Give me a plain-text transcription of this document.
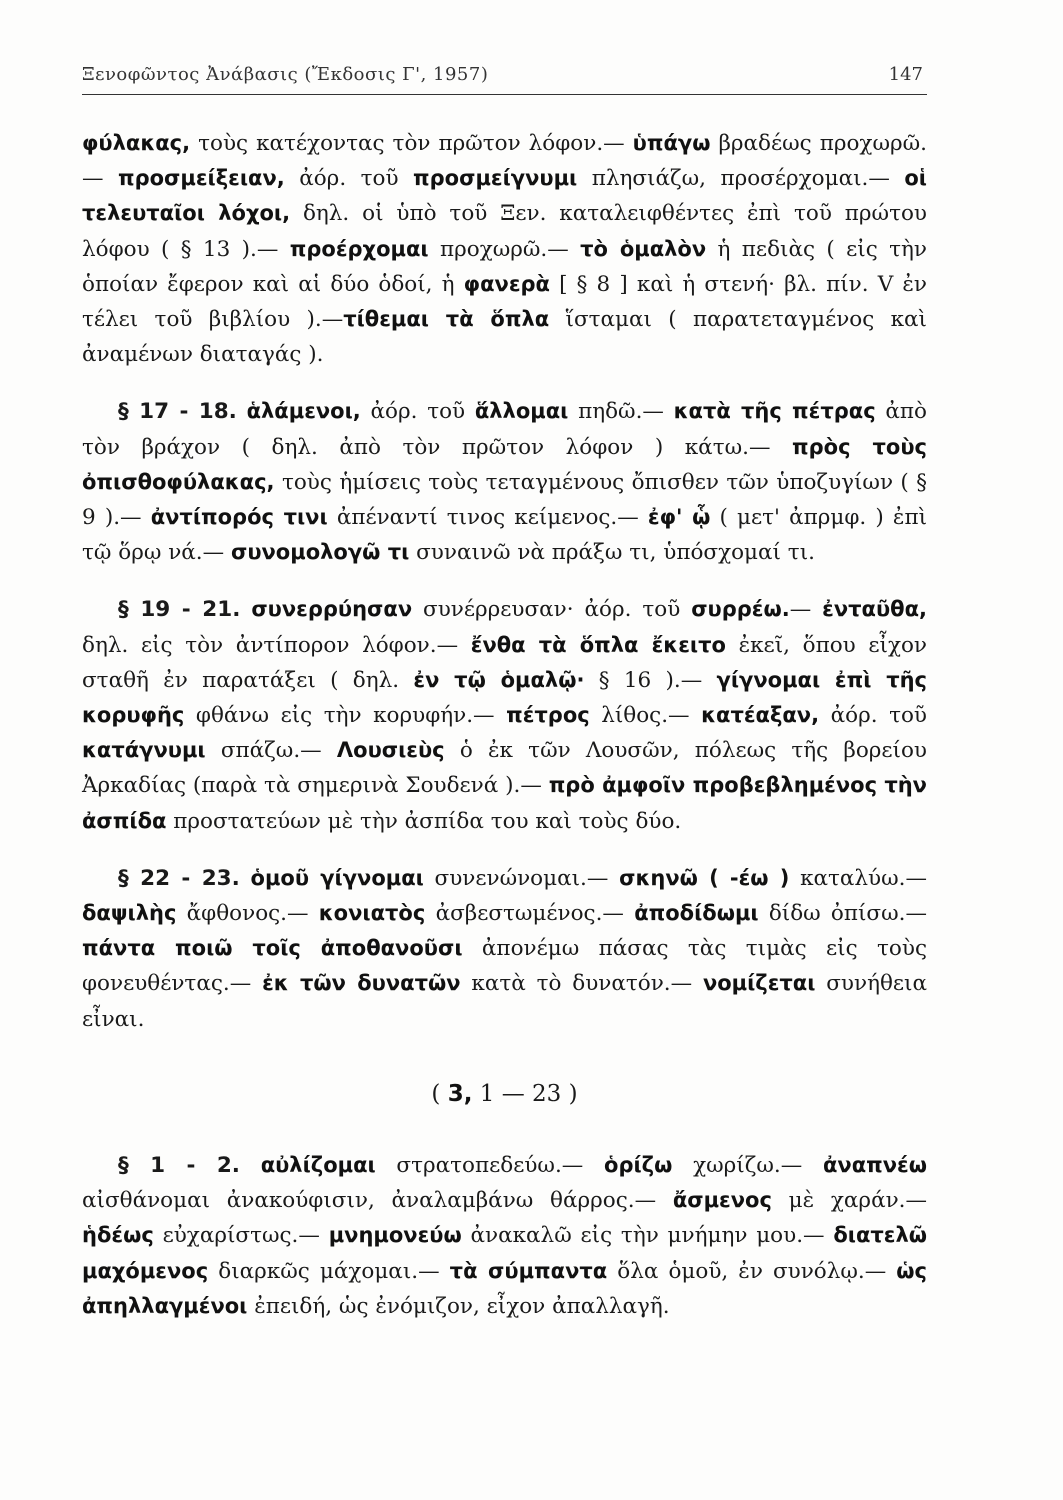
Ξενοφῶντος Ἀνάβασις (Ἔκδοσις Γ', 1957)	147

φύλακας, τοὺς κατέχοντας τὸν πρῶτον λόφον.— ὑπάγω βραδέως προχωρῶ.— προσμείξειαν, ἀόρ. τοῦ προσμείγνυμι πλησιάζω, προσέρχομαι.— οἱ τελευταῖοι λόχοι, δηλ. οἱ ὑπὸ τοῦ Ξεν. καταλειφθέντες ἐπὶ τοῦ πρώτου λόφου ( § 13 ).— προέρχομαι προχωρῶ.— τὸ ὁμαλὸν ἡ πεδιὰς ( εἰς τὴν ὁποίαν ἔφερον καὶ αἱ δύο ὁδοί, ἡ φανερὰ [ § 8 ] καὶ ἡ στενή· βλ. πίν. V ἐν τέλει τοῦ βιβλίου ).—τίθεμαι τὰ ὅπλα ἵσταμαι ( παρατεταγμένος καὶ ἀναμένων διαταγάς ).

§ 17 - 18. ἁλάμενοι, ἀόρ. τοῦ ἅλλομαι πηδῶ.— κατὰ τῆς πέτρας ἀπὸ τὸν βράχον ( δηλ. ἀπὸ τὸν πρῶτον λόφον ) κάτω.— πρὸς τοὺς ὀπισθοφύλακας, τοὺς ἡμίσεις τοὺς τεταγμένους ὄπισθεν τῶν ὑποζυγίων ( § 9 ).— ἀντίπορός τινι ἀπέναντί τινος κείμενος.— ἐφ' ᾧ ( μετ' ἀπρμφ. ) ἐπὶ τῷ ὅρῳ νά.— συνομολογῶ τι συναινῶ νὰ πράξω τι, ὑπόσχομαί τι.

§ 19 - 21. συνερρύησαν συνέρρευσαν· ἀόρ. τοῦ συρρέω.— ἐνταῦθα, δηλ. εἰς τὸν ἀντίπορον λόφον.— ἔνθα τὰ ὅπλα ἔκειτο ἐκεῖ, ὅπου εἶχον σταθῆ ἐν παρατάξει ( δηλ. ἐν τῷ ὁμαλῷ· § 16 ).— γίγνομαι ἐπὶ τῆς κορυφῆς φθάνω εἰς τὴν κορυφήν.— πέτρος λίθος.— κατέαξαν, ἀόρ. τοῦ κατάγνυμι σπάζω.— Λουσιεὺς ὁ ἐκ τῶν Λουσῶν, πόλεως τῆς βορείου Ἀρκαδίας (παρὰ τὰ σημερινὰ Σουδενά ).— πρὸ ἀμφοῖν προβεβλημένος τὴν ἀσπίδα προστατεύων μὲ τὴν ἀσπίδα του καὶ τοὺς δύο.

§ 22 - 23. ὁμοῦ γίγνομαι συνενώνομαι.— σκηνῶ ( -έω ) καταλύω.— δαψιλὴς ἄφθονος.— κονιατὸς ἀσβεστωμένος.— ἀποδίδωμι δίδω ὀπίσω.— πάντα ποιῶ τοῖς ἀποθανοῦσι ἀπονέμω πάσας τὰς τιμὰς εἰς τοὺς φονευθέντας.— ἐκ τῶν δυνατῶν κατὰ τὸ δυνατόν.— νομίζεται συνήθεια εἶναι.

( 3, 1 — 23 )

§ 1 - 2. αὐλίζομαι στρατοπεδεύω.— ὁρίζω χωρίζω.— ἀναπνέω αἰσθάνομαι ἀνακούφισιν, ἀναλαμβάνω θάρρος.— ἄσμενος μὲ χαράν.— ἡδέως εὐχαρίστως.— μνημονεύω ἀνακαλῶ εἰς τὴν μνήμην μου.— διατελῶ μαχόμενος διαρκῶς μάχομαι.— τὰ σύμπαντα ὅλα ὁμοῦ, ἐν συνόλῳ.— ὡς ἀπηλλαγμένοι ἐπειδή, ὡς ἐνόμιζον, εἶχον ἀπαλλαγῆ.
